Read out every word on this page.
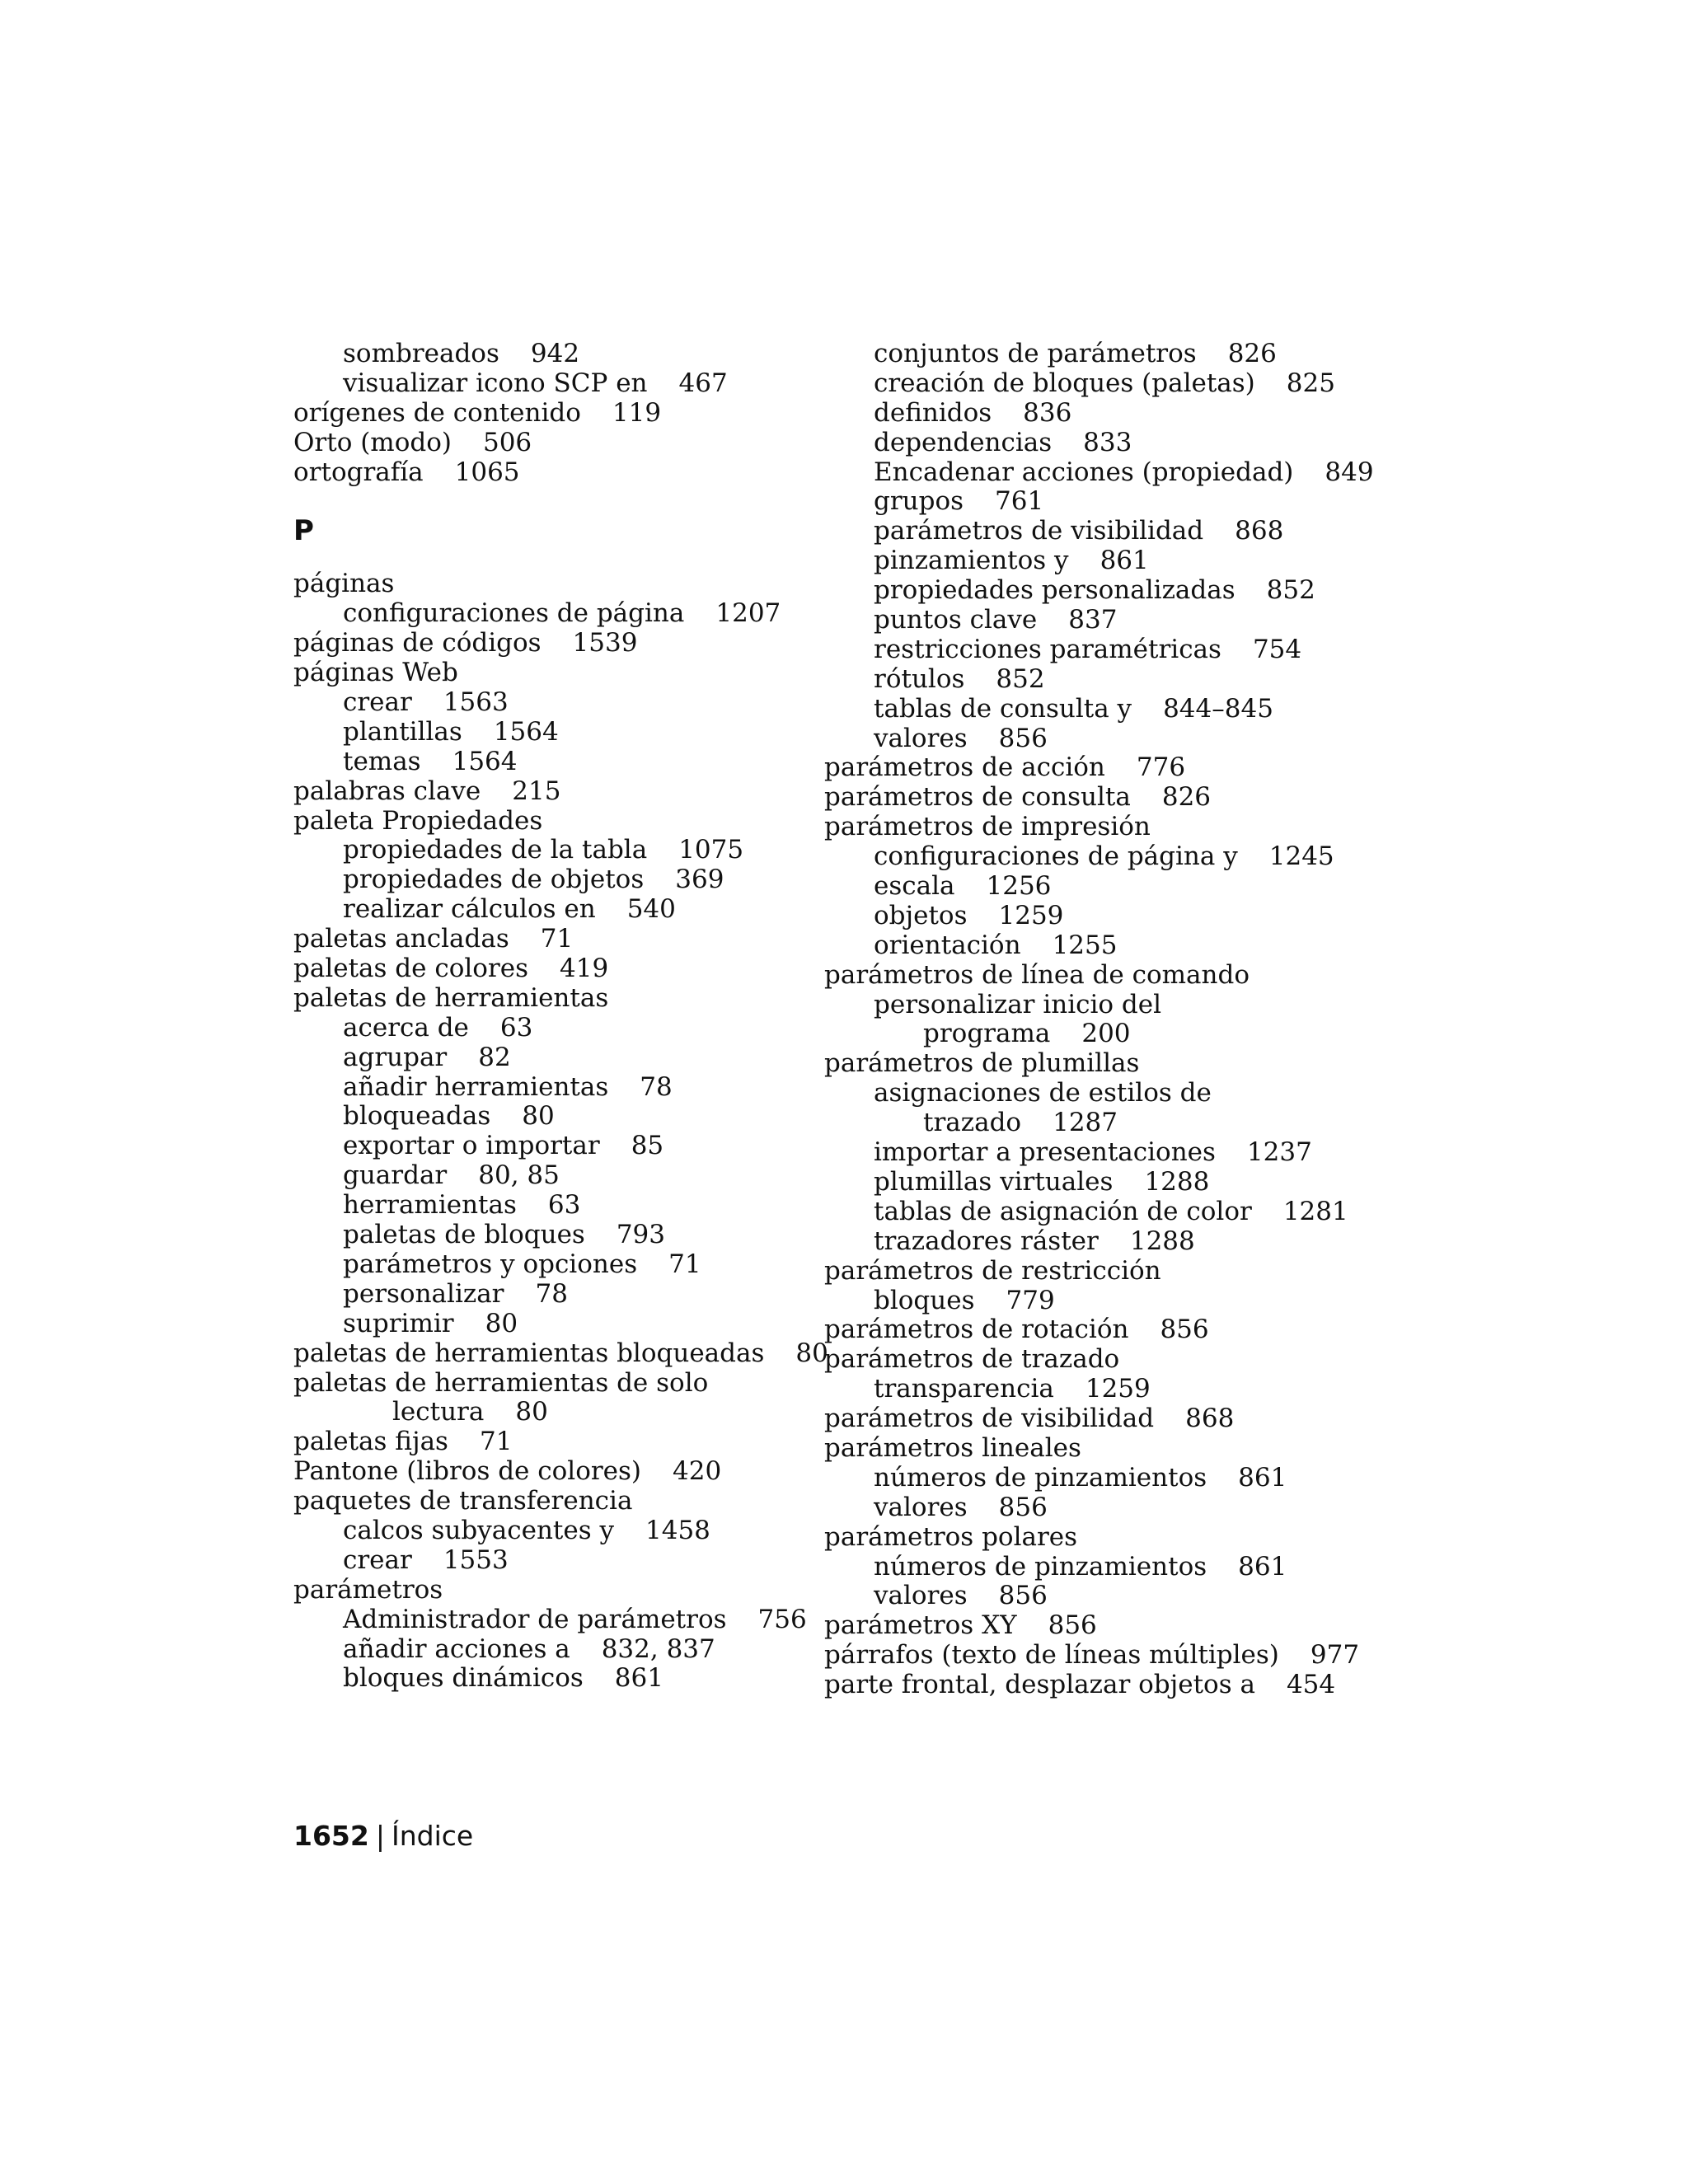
sombreados 942
visualizar icono SCP en 467
orígenes de contenido 119
Orto (modo) 506
ortografía 1065
P
páginas
configuraciones de página 1207
páginas de códigos 1539
páginas Web
crear 1563
plantillas 1564
temas 1564
palabras clave 215
paleta Propiedades
propiedades de la tabla 1075
propiedades de objetos 369
realizar cálculos en 540
paletas ancladas 71
paletas de colores 419
paletas de herramientas
acerca de 63
agrupar 82
añadir herramientas 78
bloqueadas 80
exportar o importar 85
guardar 80, 85
herramientas 63
paletas de bloques 793
parámetros y opciones 71
personalizar 78
suprimir 80
paletas de herramientas bloqueadas 80
paletas de herramientas de solo
lectura 80
paletas fijas 71
Pantone (libros de colores) 420
paquetes de transferencia
calcos subyacentes y 1458
crear 1553
parámetros
Administrador de parámetros 756
añadir acciones a 832, 837
bloques dinámicos 861
conjuntos de parámetros 826
creación de bloques (paletas) 825
definidos 836
dependencias 833
Encadenar acciones (propiedad) 849
grupos 761
parámetros de visibilidad 868
pinzamientos y 861
propiedades personalizadas 852
puntos clave 837
restricciones paramétricas 754
rótulos 852
tablas de consulta y 844–845
valores 856
parámetros de acción 776
parámetros de consulta 826
parámetros de impresión
configuraciones de página y 1245
escala 1256
objetos 1259
orientación 1255
parámetros de línea de comando
personalizar inicio del
programa 200
parámetros de plumillas
asignaciones de estilos de
trazado 1287
importar a presentaciones 1237
plumillas virtuales 1288
tablas de asignación de color 1281
trazadores ráster 1288
parámetros de restricción
bloques 779
parámetros de rotación 856
parámetros de trazado
transparencia 1259
parámetros de visibilidad 868
parámetros lineales
números de pinzamientos 861
valores 856
parámetros polares
números de pinzamientos 861
valores 856
parámetros XY 856
párrafos (texto de líneas múltiples) 977
parte frontal, desplazar objetos a 454
1652 | Índice
